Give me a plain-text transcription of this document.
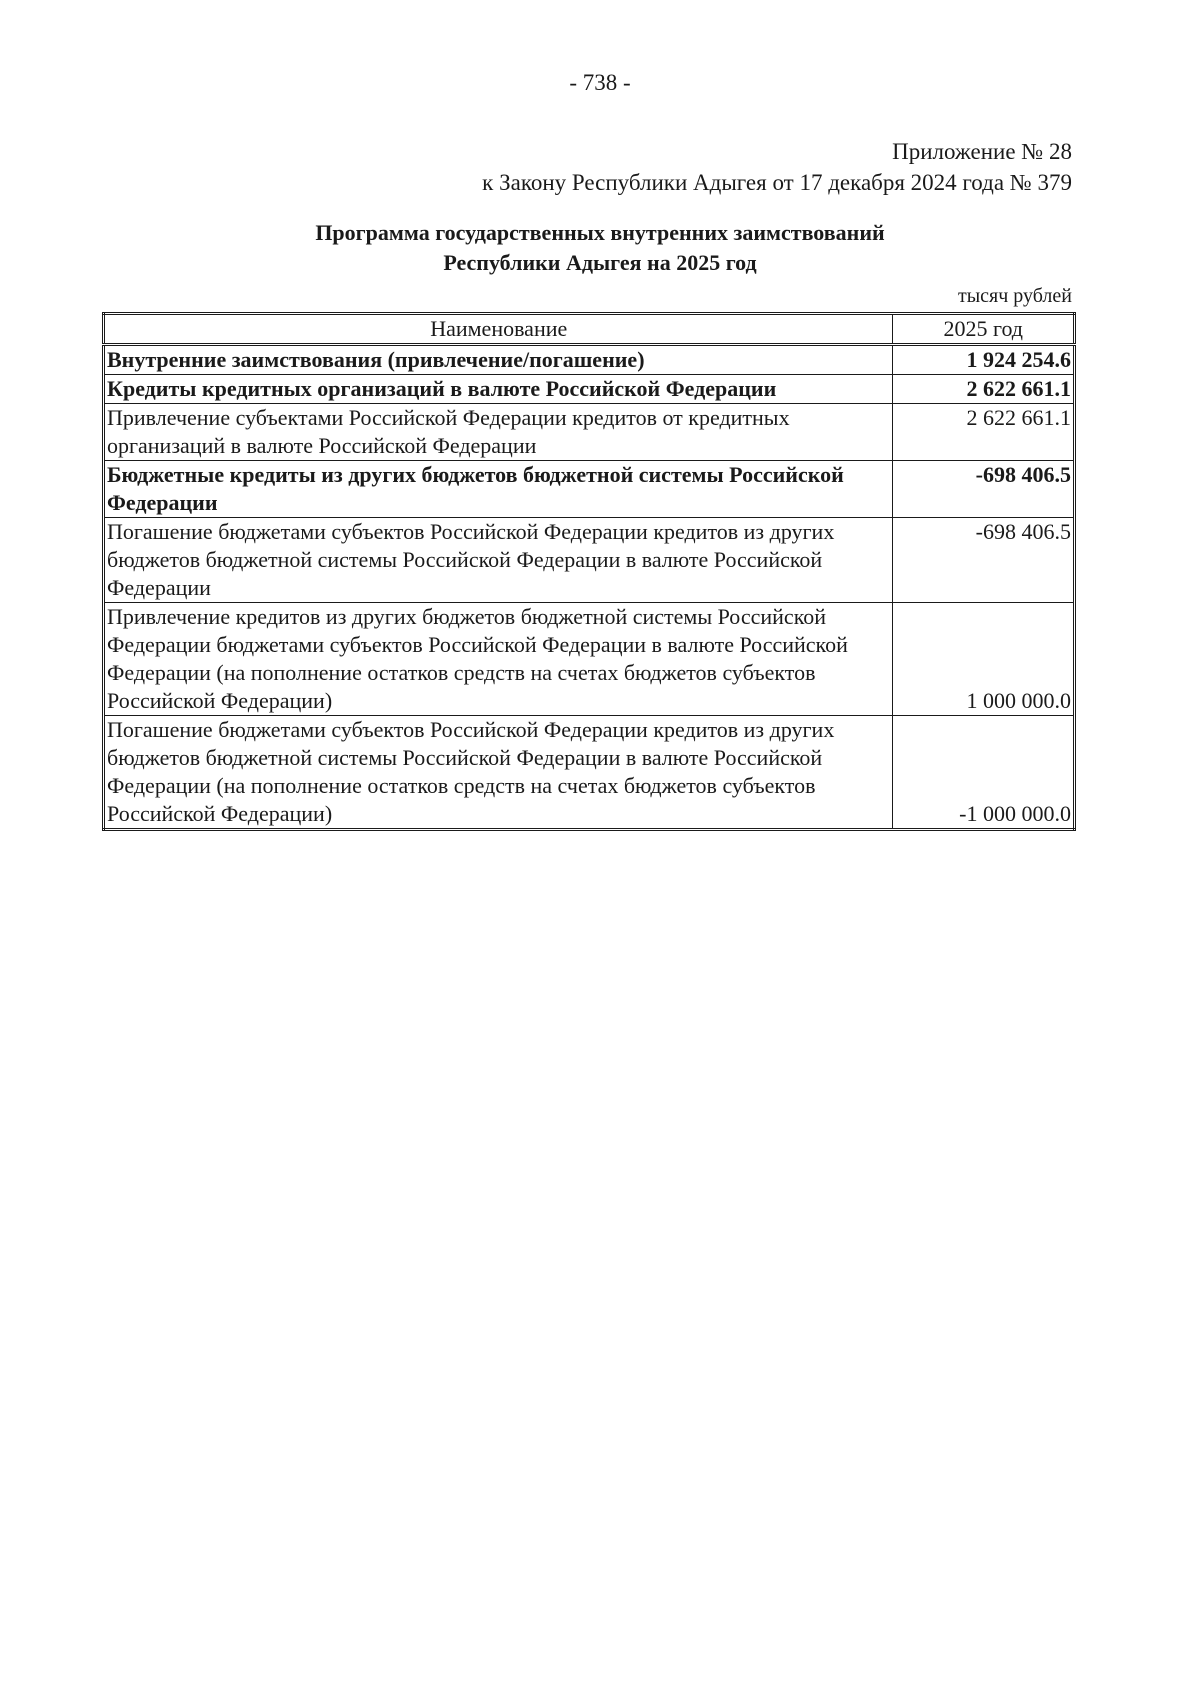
- 738 -
Приложение № 28
к Закону Республики Адыгея от 17 декабря 2024 года № 379
Программа государственных внутренних заимствований
Республики Адыгея на 2025 год
тысяч рублей
Наименование	2025 год
Внутренние заимствования (привлечение/погашение)	1 924 254.6
Кредиты кредитных организаций в валюте Российской Федерации	2 622 661.1
Привлечение субъектами Российской Федерации кредитов от кредитных организаций в валюте Российской Федерации	2 622 661.1
Бюджетные кредиты из других бюджетов бюджетной системы Российской Федерации	-698 406.5
Погашение бюджетами субъектов Российской Федерации кредитов из других бюджетов бюджетной системы Российской Федерации в валюте Российской Федерации	-698 406.5
Привлечение кредитов из других бюджетов бюджетной системы Российской Федерации бюджетами субъектов Российской Федерации в валюте Российской Федерации (на пополнение остатков средств на счетах бюджетов субъектов Российской Федерации)	1 000 000.0
Погашение бюджетами субъектов Российской Федерации кредитов из других бюджетов бюджетной системы Российской Федерации в валюте Российской Федерации (на пополнение остатков средств на счетах бюджетов субъектов Российской Федерации)	-1 000 000.0
